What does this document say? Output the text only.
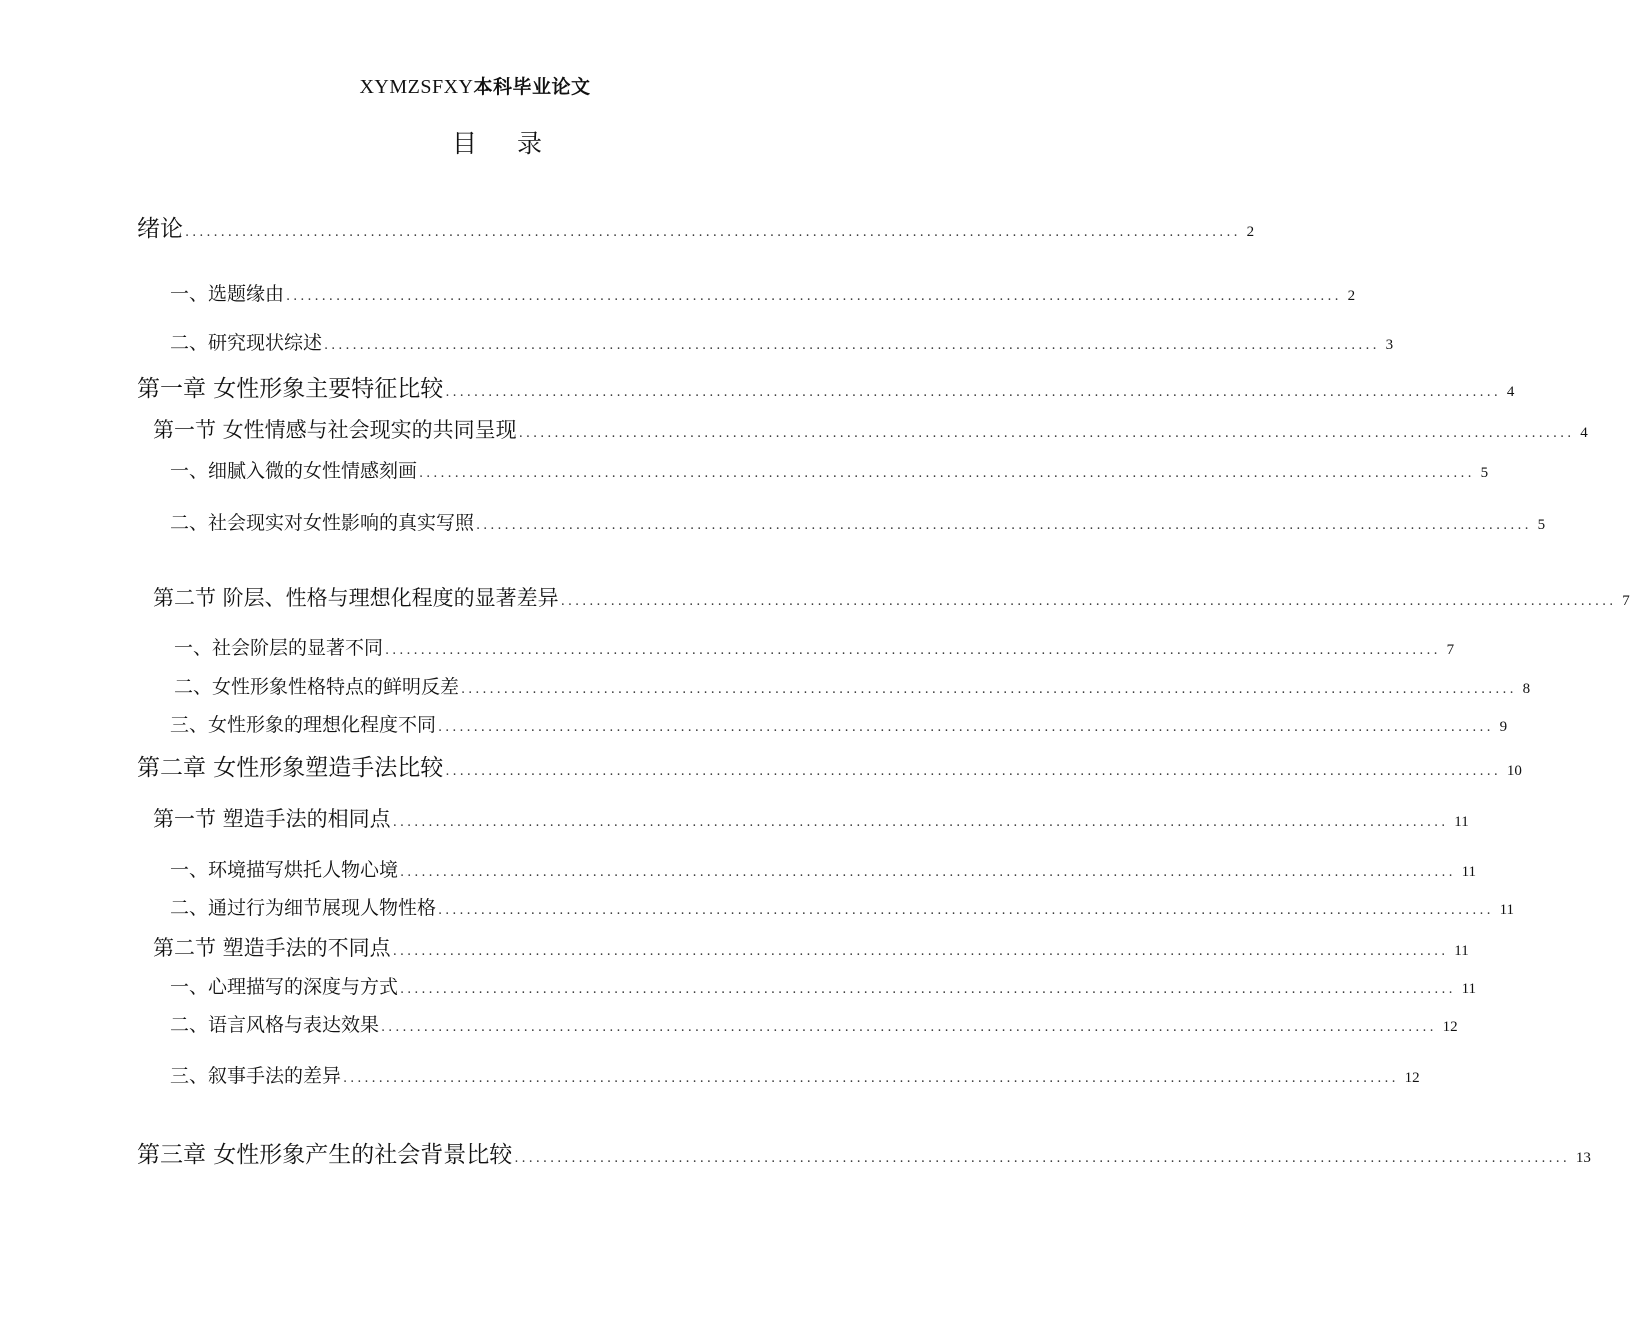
XYMZSFXY本科毕业论文
目 录
绪论 .................................................................................................................................................... 2
一、选题缘由 .................................................................................................................................................... 2
二、研究现状综述 .................................................................................................................................................... 3
第一章 女性形象主要特征比较 .................................................................................................................................................... 4
第一节 女性情感与社会现实的共同呈现 .................................................................................................................................................... 4
一、细腻入微的女性情感刻画 .................................................................................................................................................... 5
二、社会现实对女性影响的真实写照 .................................................................................................................................................... 5
第二节 阶层、性格与理想化程度的显著差异 .................................................................................................................................................... 7
一、社会阶层的显著不同 .................................................................................................................................................... 7
二、女性形象性格特点的鲜明反差 .................................................................................................................................................... 8
三、女性形象的理想化程度不同 .................................................................................................................................................... 9
第二章 女性形象塑造手法比较 .................................................................................................................................................... 10
第一节 塑造手法的相同点 .................................................................................................................................................... 11
一、环境描写烘托人物心境 .................................................................................................................................................... 11
二、通过行为细节展现人物性格 .................................................................................................................................................... 11
第二节 塑造手法的不同点 .................................................................................................................................................... 11
一、心理描写的深度与方式 .................................................................................................................................................... 11
二、语言风格与表达效果 .................................................................................................................................................... 12
三、叙事手法的差异 .................................................................................................................................................... 12
第三章 女性形象产生的社会背景比较 .................................................................................................................................................... 13
